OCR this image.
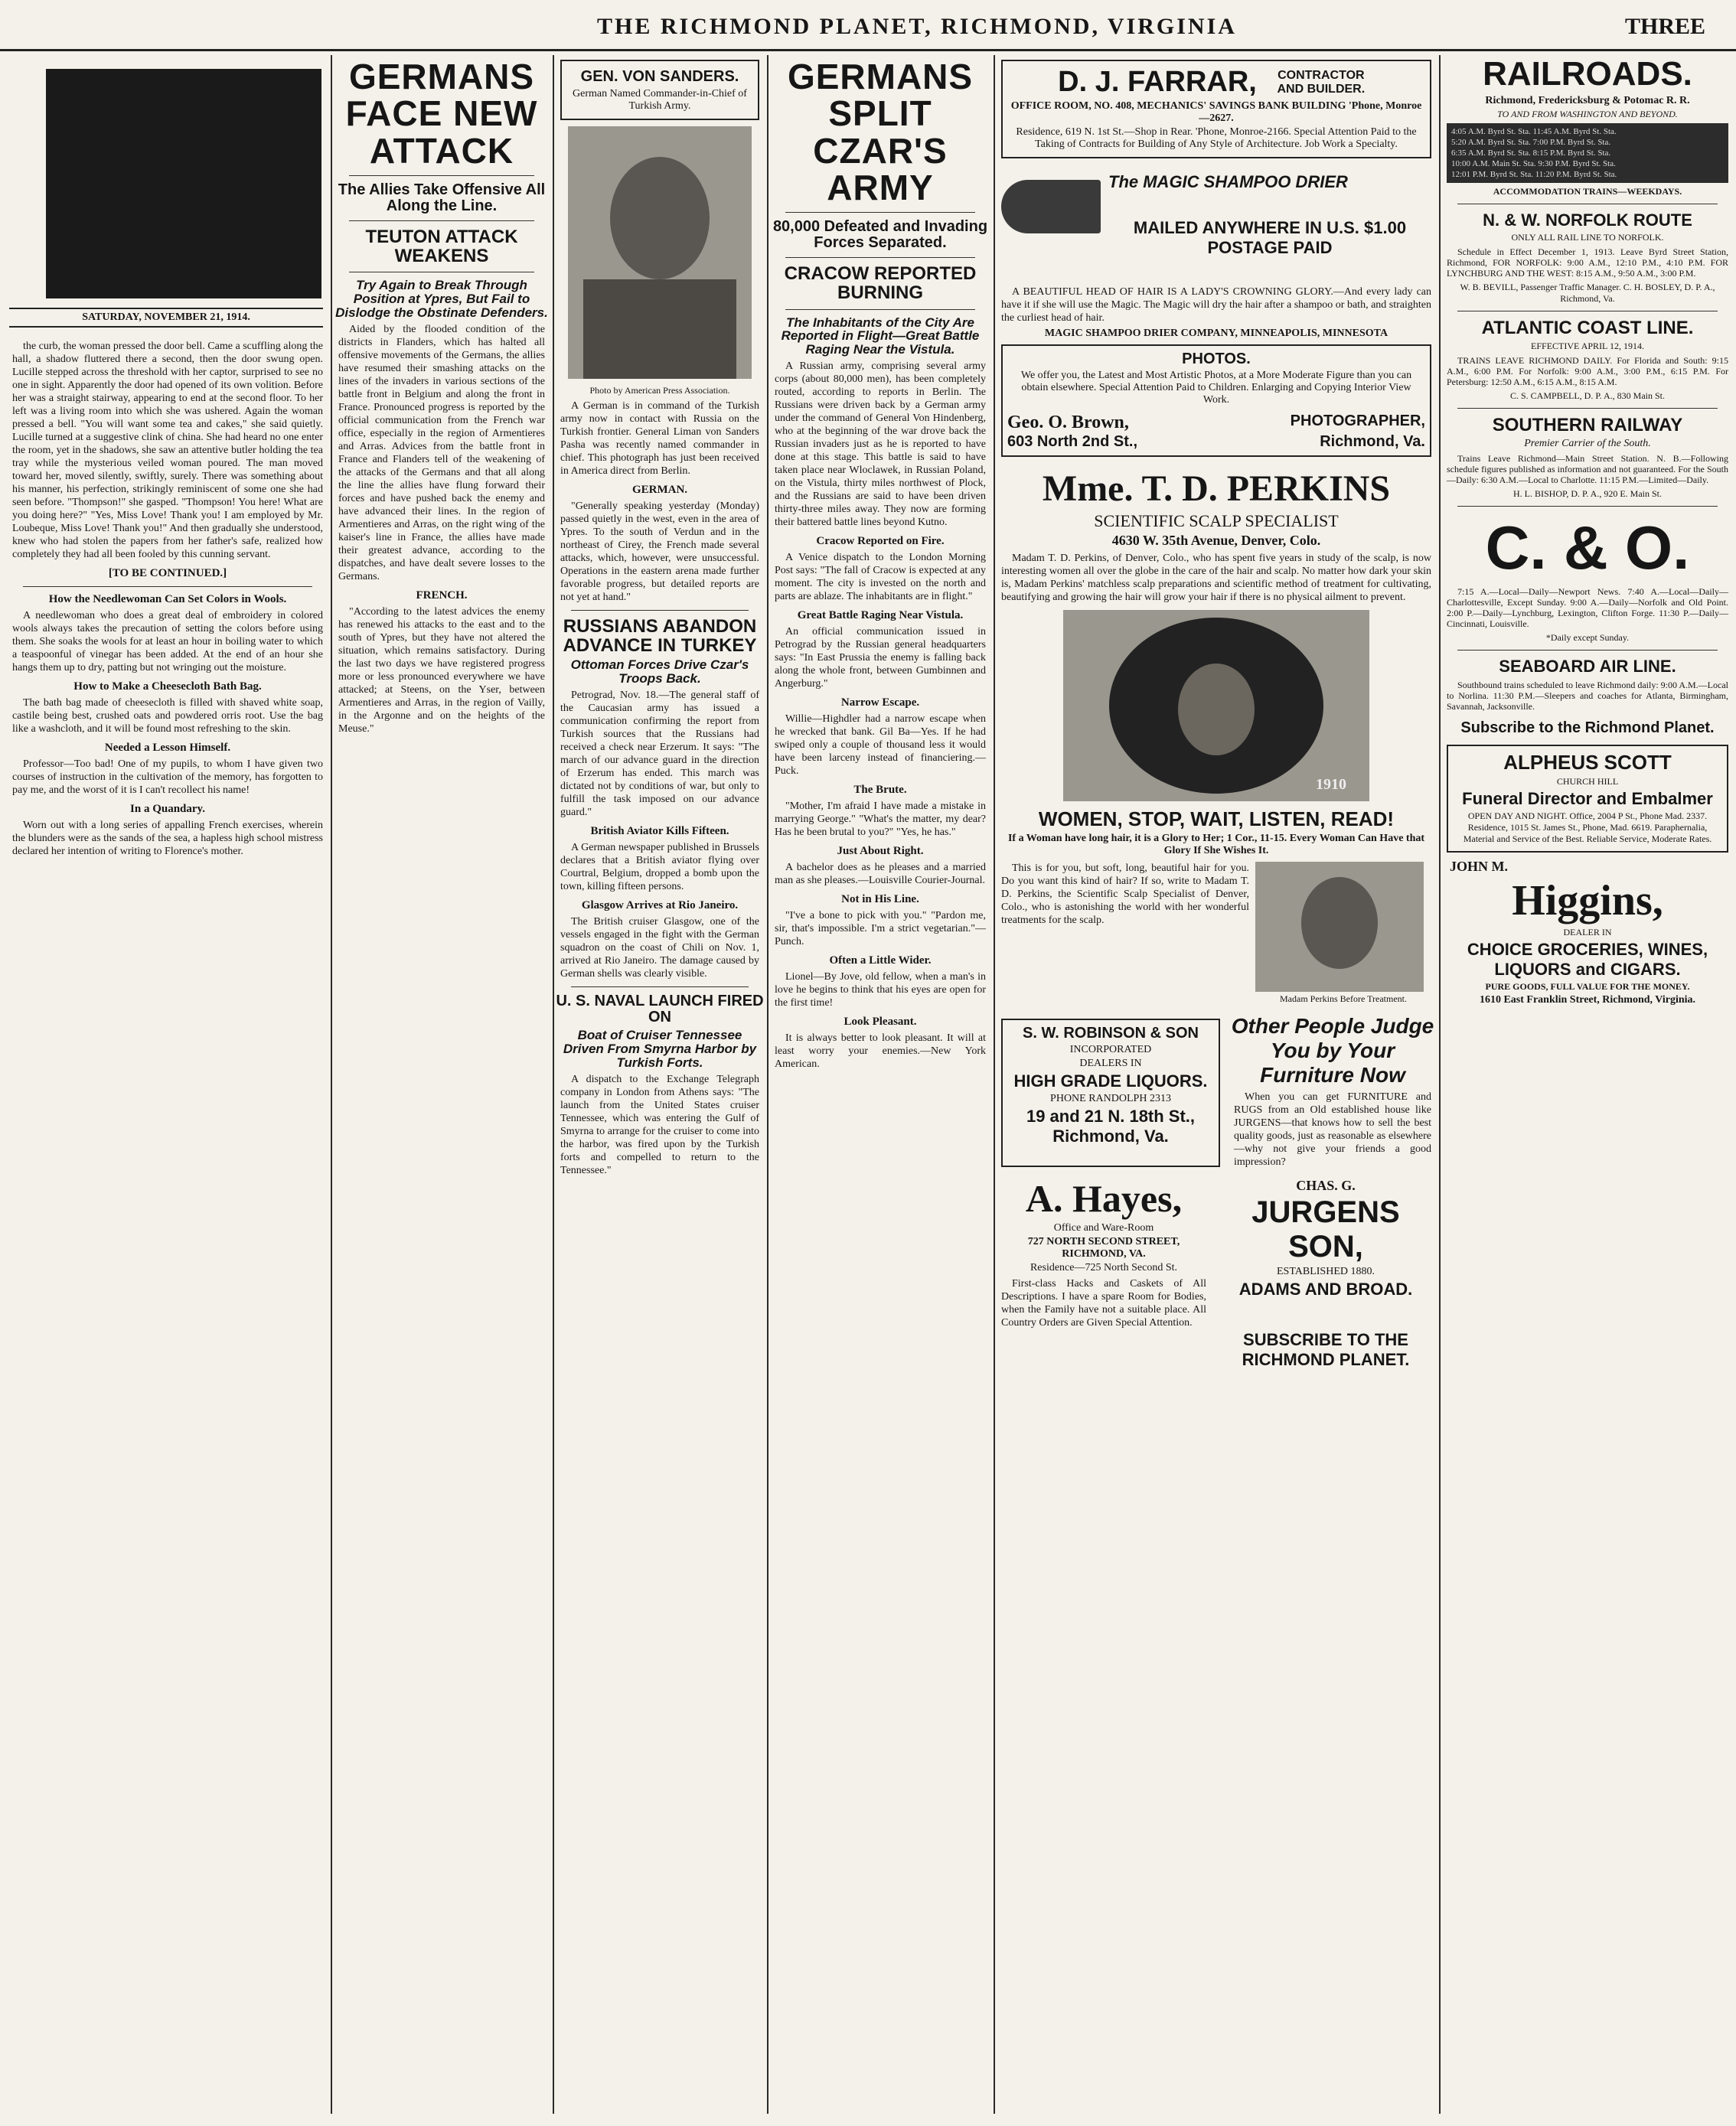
THE RICHMOND PLANET, RICHMOND, VIRGINIA	THREE
SATURDAY, NOVEMBER 21, 1914.

the curb, the woman pressed the door bell. Came a scuffling along the hall, a shadow fluttered there a second, then the door swung open. Lucille stepped across the threshold with her captor, surprised to see no one in sight. Apparently the door had opened of its own volition. Before her was a straight stairway, appearing to end at the second floor. To her left was a living room into which she was ushered. Again the woman pressed a bell. "You will want some tea and cakes," she said quietly. Lucille turned at a suggestive clink of china. She had heard no one enter the room, yet in the shadows, she saw an attentive butler holding the tea tray while the mysterious veiled woman poured. The man moved toward her, moved silently, swiftly, surely. There was something about his manner, his perfection, strikingly reminiscent of some one she had seen before. "Thompson!" she gasped. "Thompson! You here! What are you doing here?" "Yes, Miss Love! Thank you! I am employed by Mr. Loubeque, Miss Love! Thank you!" And then gradually she understood, knew who had stolen the papers from her father's safe, realized how completely they had all been fooled by this cunning servant.

[TO BE CONTINUED.]
How the Needlewoman Can Set Colors in Wools.

A needlewoman who does a great deal of embroidery in colored wools always takes the precaution of setting the colors before using them. She soaks the wools for at least an hour in boiling water to which a teaspoonful of vinegar has been added. At the end of an hour she hangs them up to dry, patting but not wringing out the moisture.

How to Make a Cheesecloth Bath Bag.

The bath bag made of cheesecloth is filled with shaved white soap, castile being best, crushed oats and powdered orris root. Use the bag like a washcloth, and it will be found most refreshing to the skin.

Needed a Lesson Himself.

Professor—Too bad! One of my pupils, to whom I have given two courses of instruction in the cultivation of the memory, has forgotten to pay me, and the worst of it is I can't recollect his name!

In a Quandary.

Worn out with a long series of appalling French exercises, wherein the blunders were as the sands of the sea, a hapless high school mistress declared her intention of writing to Florence's mother.

GERMANS FACE NEW ATTACK
The Allies Take Offensive All Along the Line.
TEUTON ATTACK WEAKENS
Try Again to Break Through Position at Ypres, But Fail to Dislodge the Obstinate Defenders.

Aided by the flooded condition of the districts in Flanders, which has halted all offensive movements of the Germans, the allies have resumed their smashing attacks on the lines of the invaders in various sections of the battle front in Belgium and along the front in France. Pronounced progress is reported by the official communication from the French war office, especially in the region of Armentieres and Arras. Advices from the battle front in France and Flanders tell of the weakening of the attacks of the Germans and that all along the line the allies have flung forward their forces and have pushed back the enemy and have advanced their lines. In the region of Armentieres and Arras, on the right wing of the kaiser's line in France, the allies have made their greatest advance, according to the dispatches, and have dealt severe losses to the Germans.

FRENCH.

"According to the latest advices the enemy has renewed his attacks to the east and to the south of Ypres, but they have not altered the situation, which remains satisfactory. During the last two days we have registered progress more or less pronounced everywhere we have attacked; at Steens, on the Yser, between Armentieres and Arras, in the region of Vailly, in the Argonne and on the heights of the Meuse."

GEN. VON SANDERS.
German Named Commander-in-Chief of Turkish Army.
Photo by American Press Association.

A German is in command of the Turkish army now in contact with Russia on the Turkish frontier. General Liman von Sanders Pasha was recently named commander in chief. This photograph has just been received in America direct from Berlin.

GERMAN.

"Generally speaking yesterday (Monday) passed quietly in the west, even in the area of Ypres. To the south of Verdun and in the northeast of Cirey, the French made several attacks, which, however, were unsuccessful. Operations in the eastern arena made further favorable progress, but detailed reports are not yet at hand."

RUSSIANS ABANDON ADVANCE IN TURKEY
Ottoman Forces Drive Czar's Troops Back.

Petrograd, Nov. 18.—The general staff of the Caucasian army has issued a communication confirming the report from Turkish sources that the Russians had received a check near Erzerum. It says: "The march of our advance guard in the direction of Erzerum has ended. This march was dictated not by conditions of war, but only to fulfill the task imposed on our advance guard."

British Aviator Kills Fifteen.

A German newspaper published in Brussels declares that a British aviator flying over Courtral, Belgium, dropped a bomb upon the town, killing fifteen persons.

Glasgow Arrives at Rio Janeiro.

The British cruiser Glasgow, one of the vessels engaged in the fight with the German squadron on the coast of Chili on Nov. 1, arrived at Rio Janeiro. The damage caused by German shells was clearly visible.

U. S. NAVAL LAUNCH FIRED ON
Boat of Cruiser Tennessee Driven From Smyrna Harbor by Turkish Forts.

A dispatch to the Exchange Telegraph company in London from Athens says: "The launch from the United States cruiser Tennessee, which was entering the Gulf of Smyrna to arrange for the cruiser to come into the harbor, was fired upon by the Turkish forts and compelled to return to the Tennessee."

GERMANS SPLIT CZAR'S ARMY
80,000 Defeated and Invading Forces Separated.
CRACOW REPORTED BURNING
The Inhabitants of the City Are Reported in Flight—Great Battle Raging Near the Vistula.

A Russian army, comprising several army corps (about 80,000 men), has been completely routed, according to reports in Berlin. The Russians were driven back by a German army under the command of General Von Hindenberg, who at the beginning of the war drove back the Russian invaders just as he is reported to have done at this stage. This battle is said to have taken place near Wloclawek, in Russian Poland, on the Vistula, thirty miles northwest of Plock, and the Russians are said to have been driven thirty-three miles away. They now are forming their battered battle lines beyond Kutno.

Cracow Reported on Fire.

A Venice dispatch to the London Morning Post says: "The fall of Cracow is expected at any moment. The city is invested on the north and parts are ablaze. The inhabitants are in flight."

Great Battle Raging Near Vistula.

An official communication issued in Petrograd by the Russian general headquarters says: "In East Prussia the enemy is falling back along the whole front, between Gumbinnen and Angerburg."

Narrow Escape.

Willie—Highdler had a narrow escape when he wrecked that bank. Gil Ba—Yes. If he had swiped only a couple of thousand less it would have been larceny instead of financiering.—Puck.

The Brute.

"Mother, I'm afraid I have made a mistake in marrying George." "What's the matter, my dear? Has he been brutal to you?" "Yes, he has."

Just About Right.

A bachelor does as he pleases and a married man as she pleases.—Louisville Courier-Journal.

Not in His Line.

"I've a bone to pick with you." "Pardon me, sir, that's impossible. I'm a strict vegetarian."—Punch.

Often a Little Wider.

Lionel—By Jove, old fellow, when a man's in love he begins to think that his eyes are open for the first time!

Look Pleasant.

It is always better to look pleasant. It will at least worry your enemies.—New York American.

D. J. FARRAR,	CONTRACTOR AND BUILDER.
OFFICE ROOM, NO. 408, MECHANICS' SAVINGS BANK BUILDING 'Phone, Monroe—2627.
Residence, 619 N. 1st St.—Shop in Rear. 'Phone, Monroe-2166. Special Attention Paid to the Taking of Contracts for Building of Any Style of Architecture. Job Work a Specialty.
The MAGIC SHAMPOO DRIER
MAILED ANYWHERE IN U.S. $1.00 POSTAGE PAID

A BEAUTIFUL HEAD OF HAIR IS A LADY'S CROWNING GLORY.—And every lady can have it if she will use the Magic. The Magic will dry the hair after a shampoo or bath, and straighten the curliest head of hair.

MAGIC SHAMPOO DRIER COMPANY, MINNEAPOLIS, MINNESOTA
PHOTOS.
We offer you, the Latest and Most Artistic Photos, at a More Moderate Figure than you can obtain elsewhere. Special Attention Paid to Children. Enlarging and Copying Interior View Work.
Geo. O. Brown,	PHOTOGRAPHER,
603 North 2nd St.,	Richmond, Va.
Mme. T. D. PERKINS
SCIENTIFIC SCALP SPECIALIST
4630 W. 35th Avenue, Denver, Colo.

Madam T. D. Perkins, of Denver, Colo., who has spent five years in study of the scalp, is now interesting women all over the globe in the care of the hair and scalp. No matter how dark your skin is, Madam Perkins' matchless scalp preparations and scientific method of treatment for cultivating, beautifying and growing the hair will grow your hair if there is no physical ailment to prevent.

1910
WOMEN, STOP, WAIT, LISTEN, READ!
If a Woman have long hair, it is a Glory to Her; 1 Cor., 11-15. Every Woman Can Have that Glory If She Wishes It.

This is for you, but soft, long, beautiful hair for you. Do you want this kind of hair? If so, write to Madam T. D. Perkins, the Scientific Scalp Specialist of Denver, Colo., who is astonishing the world with her wonderful treatments for the scalp.

Madam Perkins Before Treatment.
S. W. ROBINSON & SON
INCORPORATED
DEALERS IN
HIGH GRADE LIQUORS.
PHONE RANDOLPH 2313
19 and 21 N. 18th St., Richmond, Va.
Other People Judge You by Your Furniture Now

When you can get FURNITURE and RUGS from an Old established house like JURGENS—that knows how to sell the best quality goods, just as reasonable as elsewhere—why not give your friends a good impression?

A. Hayes,
Office and Ware-Room
727 NORTH SECOND STREET, RICHMOND, VA.
Residence—725 North Second St.

First-class Hacks and Caskets of All Descriptions. I have a spare Room for Bodies, when the Family have not a suitable place. All Country Orders are Given Special Attention.

CHAS. G.
JURGENS SON,
ESTABLISHED 1880.
ADAMS AND BROAD.
SUBSCRIBE TO THE RICHMOND PLANET.
RAILROADS.
Richmond, Fredericksburg & Potomac R. R.
TO AND FROM WASHINGTON AND BEYOND.
4:05 A.M. Byrd St. Sta. 11:45 A.M. Byrd St. Sta.
5:20 A.M. Byrd St. Sta. 7:00 P.M. Byrd St. Sta.
6:35 A.M. Byrd St. Sta. 8:15 P.M. Byrd St. Sta.
10:00 A.M. Main St. Sta. 9:30 P.M. Byrd St. Sta.
12:01 P.M. Byrd St. Sta. 11:20 P.M. Byrd St. Sta.
ACCOMMODATION TRAINS—WEEKDAYS.
N. & W. NORFOLK ROUTE
ONLY ALL RAIL LINE TO NORFOLK.

Schedule in Effect December 1, 1913. Leave Byrd Street Station, Richmond, FOR NORFOLK: 9:00 A.M., 12:10 P.M., 4:10 P.M. FOR LYNCHBURG AND THE WEST: 8:15 A.M., 9:50 A.M., 3:00 P.M.

W. B. BEVILL, Passenger Traffic Manager. C. H. BOSLEY, D. P. A., Richmond, Va.
ATLANTIC COAST LINE.
EFFECTIVE APRIL 12, 1914.

TRAINS LEAVE RICHMOND DAILY. For Florida and South: 9:15 A.M., 6:00 P.M. For Norfolk: 9:00 A.M., 3:00 P.M., 6:15 P.M. For Petersburg: 12:50 A.M., 6:15 A.M., 8:15 A.M.

C. S. CAMPBELL, D. P. A., 830 Main St.
SOUTHERN RAILWAY
Premier Carrier of the South.

Trains Leave Richmond—Main Street Station. N. B.—Following schedule figures published as information and not guaranteed. For the South—Daily: 6:30 A.M.—Local to Charlotte. 11:15 P.M.—Limited—Daily.

H. L. BISHOP, D. P. A., 920 E. Main St.
C. & O.

7:15 A.—Local—Daily—Newport News. 7:40 A.—Local—Daily—Charlottesville, Except Sunday. 9:00 A.—Daily—Norfolk and Old Point. 2:00 P.—Daily—Lynchburg, Lexington, Clifton Forge. 11:30 P.—Daily—Cincinnati, Louisville.

*Daily except Sunday.
SEABOARD AIR LINE.

Southbound trains scheduled to leave Richmond daily: 9:00 A.M.—Local to Norlina. 11:30 P.M.—Sleepers and coaches for Atlanta, Birmingham, Savannah, Jacksonville.

Subscribe to the Richmond Planet.
ALPHEUS SCOTT
CHURCH HILL
Funeral Director and Embalmer
OPEN DAY AND NIGHT. Office, 2004 P St., Phone Mad. 2337. Residence, 1015 St. James St., Phone, Mad. 6619. Paraphernalia, Material and Service of the Best. Reliable Service, Moderate Rates.
JOHN M.
Higgins,
DEALER IN
CHOICE GROCERIES, WINES, LIQUORS and CIGARS.
PURE GOODS, FULL VALUE FOR THE MONEY.
1610 East Franklin Street, Richmond, Virginia.
